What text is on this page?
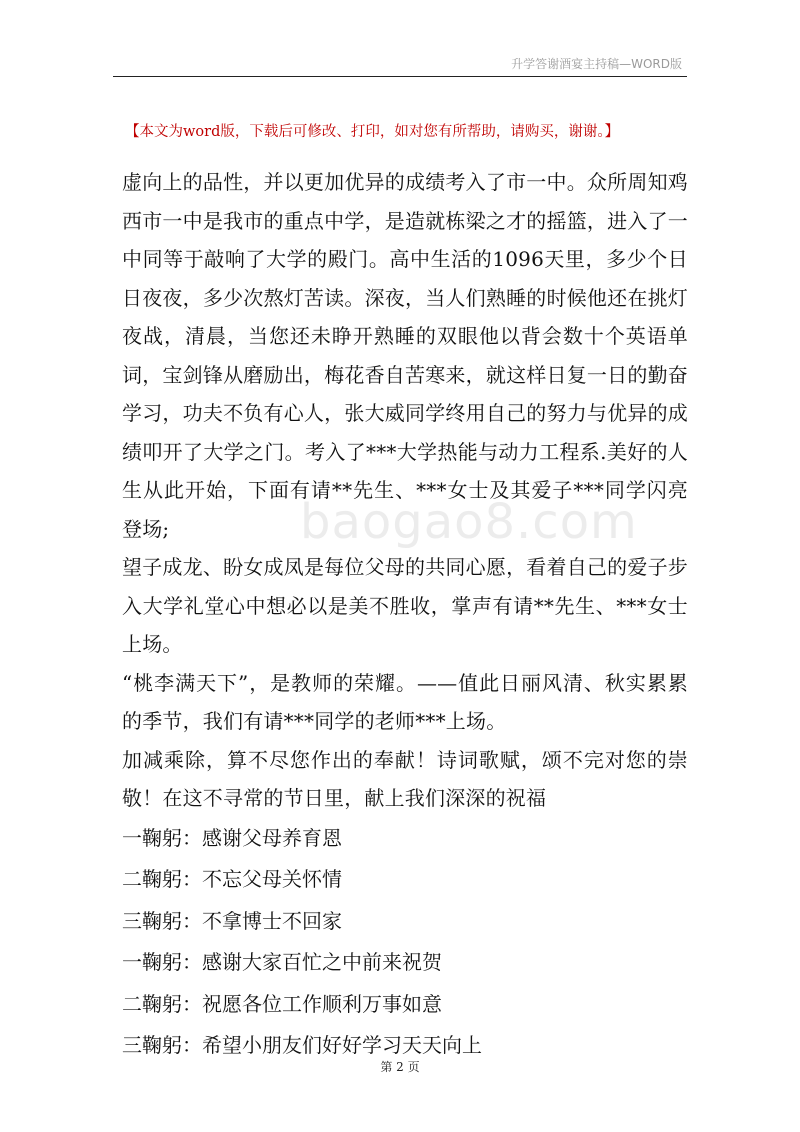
升学答谢酒宴主持稿—WORD版
【本文为word版，下载后可修改、打印，如对您有所帮助，请购买，谢谢。】
baogao8.com

虚向上的品性，并以更加优异的成绩考入了市一中。众所周知鸡西市一中是我市的重点中学，是造就栋梁之才的摇篮，进入了一中同等于敲响了大学的殿门。高中生活的1096天里，多少个日日夜夜，多少次熬灯苦读。深夜，当人们熟睡的时候他还在挑灯夜战，清晨，当您还未睁开熟睡的双眼他以背会数十个英语单词，宝剑锋从磨励出，梅花香自苦寒来，就这样日复一日的勤奋学习，功夫不负有心人，张大威同学终用自己的努力与优异的成绩叩开了大学之门。考入了***大学热能与动力工程系.美好的人生从此开始，下面有请**先生、***女士及其爱子***同学闪亮登场;

望子成龙、盼女成凤是每位父母的共同心愿，看着自己的爱子步入大学礼堂心中想必以是美不胜收，掌声有请**先生、***女士上场。

“桃李满天下”，是教师的荣耀。——值此日丽风清、秋实累累的季节，我们有请***同学的老师***上场。

加减乘除，算不尽您作出的奉献！诗词歌赋，颂不完对您的崇敬！在这不寻常的节日里，献上我们深深的祝福

一鞠躬：感谢父母养育恩

二鞠躬：不忘父母关怀情

三鞠躬：不拿博士不回家

一鞠躬：感谢大家百忙之中前来祝贺

二鞠躬：祝愿各位工作顺利万事如意

三鞠躬：希望小朋友们好好学习天天向上

第 2 页
